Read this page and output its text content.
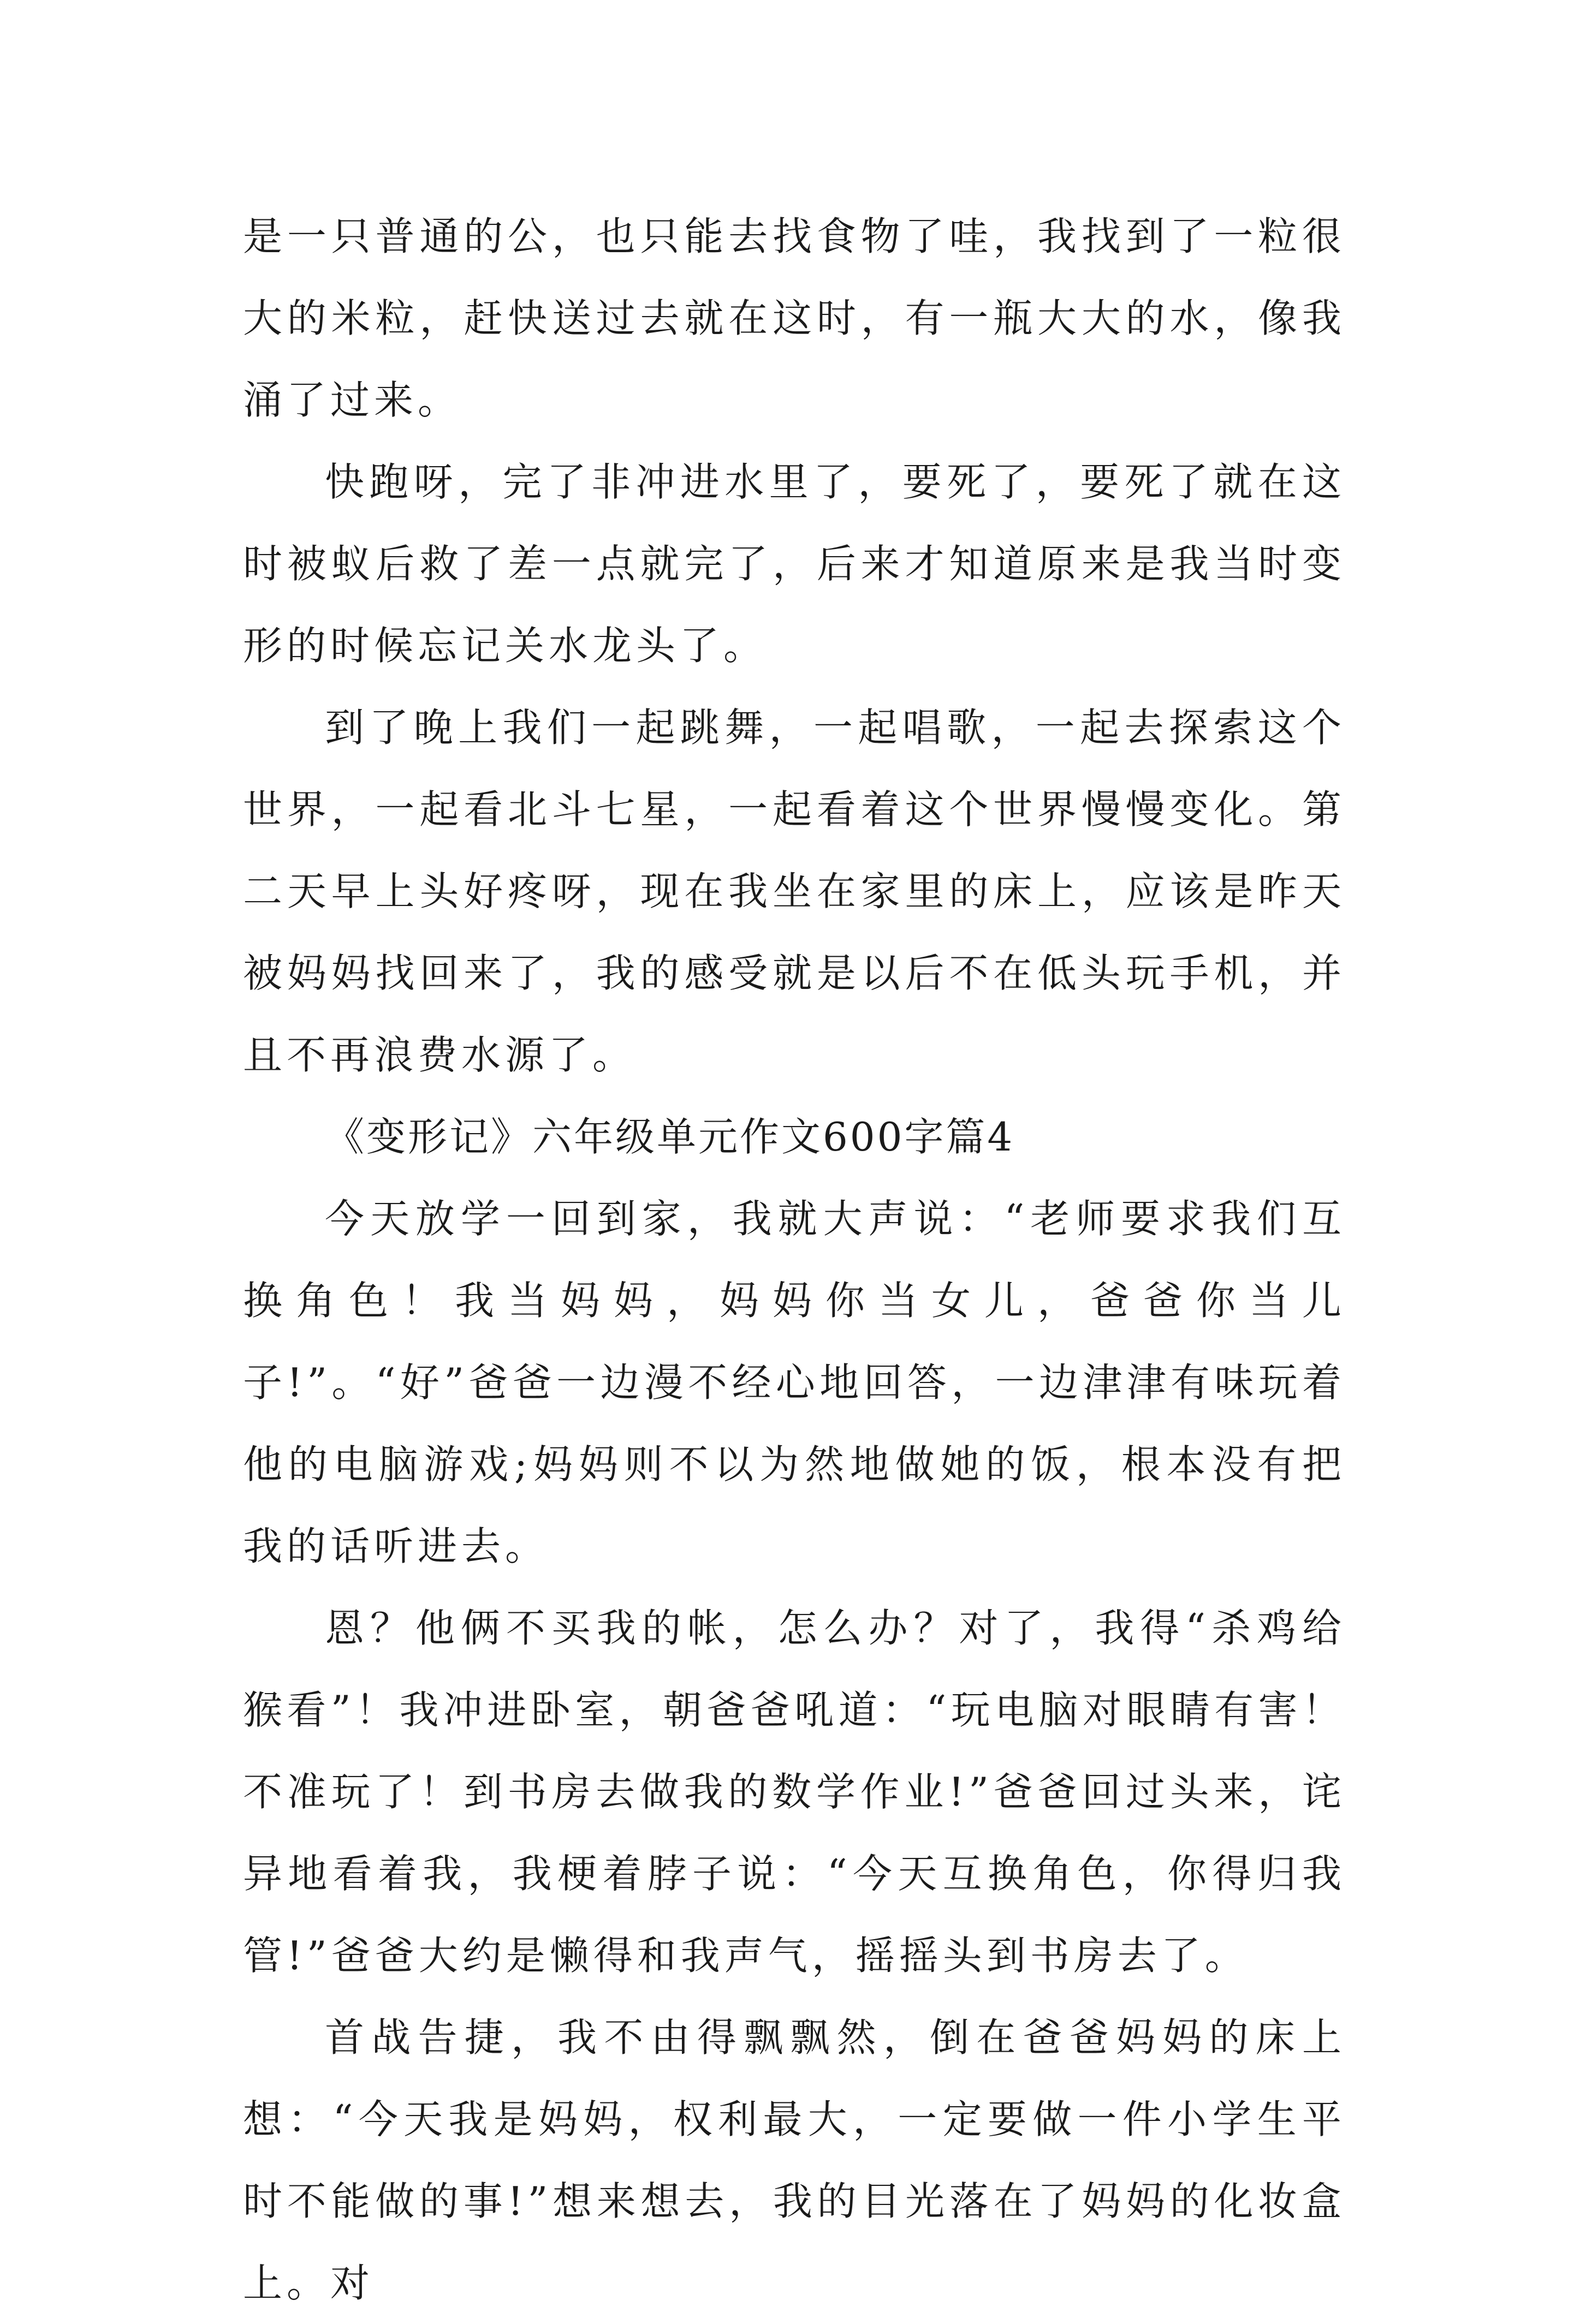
是一只普通的公，也只能去找食物了哇，我找到了一粒很大的米粒，赶快送过去就在这时，有一瓶大大的水，像我涌了过来。

快跑呀，完了非冲进水里了，要死了，要死了就在这时被蚁后救了差一点就完了，后来才知道原来是我当时变形的时候忘记关水龙头了。

到了晚上我们一起跳舞，一起唱歌，一起去探索这个世界，一起看北斗七星，一起看着这个世界慢慢变化。第二天早上头好疼呀，现在我坐在家里的床上，应该是昨天被妈妈找回来了，我的感受就是以后不在低头玩手机，并且不再浪费水源了。

《变形记》六年级单元作文600字篇4

今天放学一回到家，我就大声说：“老师要求我们互换角色！我当妈妈，妈妈你当女儿，爸爸你当儿子!”。“好”爸爸一边漫不经心地回答，一边津津有味玩着他的电脑游戏;妈妈则不以为然地做她的饭，根本没有把我的话听进去。

恩？他俩不买我的帐，怎么办？对了，我得“杀鸡给猴看”！我冲进卧室，朝爸爸吼道：“玩电脑对眼睛有害！不准玩了！到书房去做我的数学作业!”爸爸回过头来，诧异地看着我，我梗着脖子说：“今天互换角色，你得归我管!”爸爸大约是懒得和我声气，摇摇头到书房去了。

首战告捷，我不由得飘飘然，倒在爸爸妈妈的床上想：“今天我是妈妈，权利最大，一定要做一件小学生平时不能做的事!”想来想去，我的目光落在了妈妈的化妆盒上。对
